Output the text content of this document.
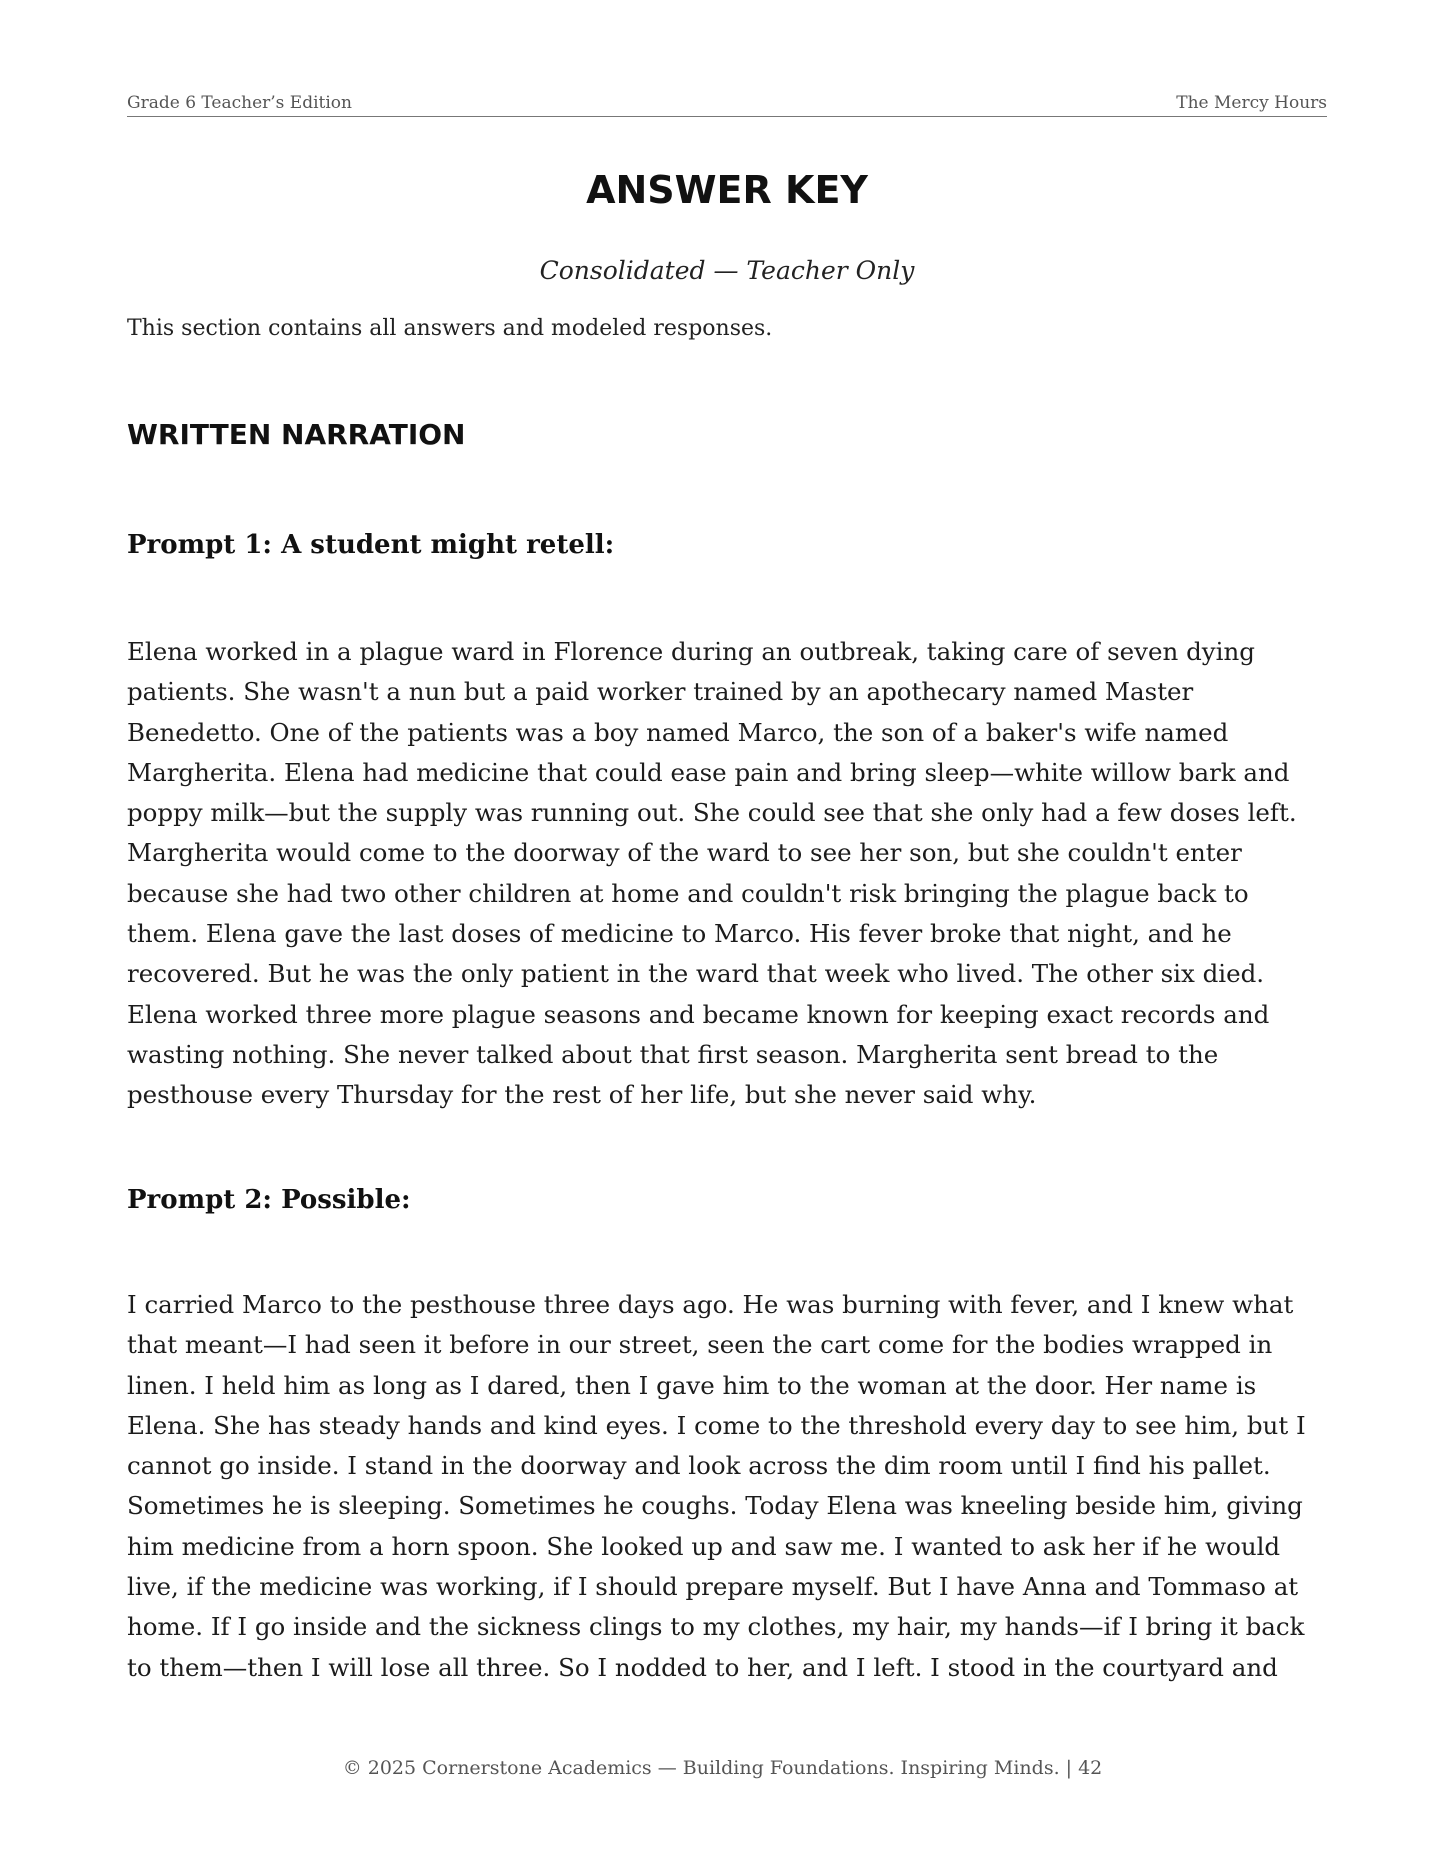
Grade 6 Teacher’s Edition	The Mercy Hours
ANSWER KEY

Consolidated — Teacher Only

This section contains all answers and modeled responses.

WRITTEN NARRATION
Prompt 1: A student might retell:

Elena worked in a plague ward in Florence during an outbreak, taking care of seven dying patients. She wasn't a nun but a paid worker trained by an apothecary named Master Benedetto. One of the patients was a boy named Marco, the son of a baker's wife named Margherita. Elena had medicine that could ease pain and bring sleep—white willow bark and poppy milk—but the supply was running out. She could see that she only had a few doses left. Margherita would come to the doorway of the ward to see her son, but she couldn't enter because she had two other children at home and couldn't risk bringing the plague back to them. Elena gave the last doses of medicine to Marco. His fever broke that night, and he recovered. But he was the only patient in the ward that week who lived. The other six died. Elena worked three more plague seasons and became known for keeping exact records and wasting nothing. She never talked about that first season. Margherita sent bread to the pesthouse every Thursday for the rest of her life, but she never said why.

Prompt 2: Possible:

I carried Marco to the pesthouse three days ago. He was burning with fever, and I knew what that meant—I had seen it before in our street, seen the cart come for the bodies wrapped in linen. I held him as long as I dared, then I gave him to the woman at the door. Her name is Elena. She has steady hands and kind eyes. I come to the threshold every day to see him, but I cannot go inside. I stand in the doorway and look across the dim room until I find his pallet. Sometimes he is sleeping. Sometimes he coughs. Today Elena was kneeling beside him, giving him medicine from a horn spoon. She looked up and saw me. I wanted to ask her if he would live, if the medicine was working, if I should prepare myself. But I have Anna and Tommaso at home. If I go inside and the sickness clings to my clothes, my hair, my hands—if I bring it back to them—then I will lose all three. So I nodded to her, and I left. I stood in the courtyard and

© 2025 Cornerstone Academics — Building Foundations. Inspiring Minds. | 42
